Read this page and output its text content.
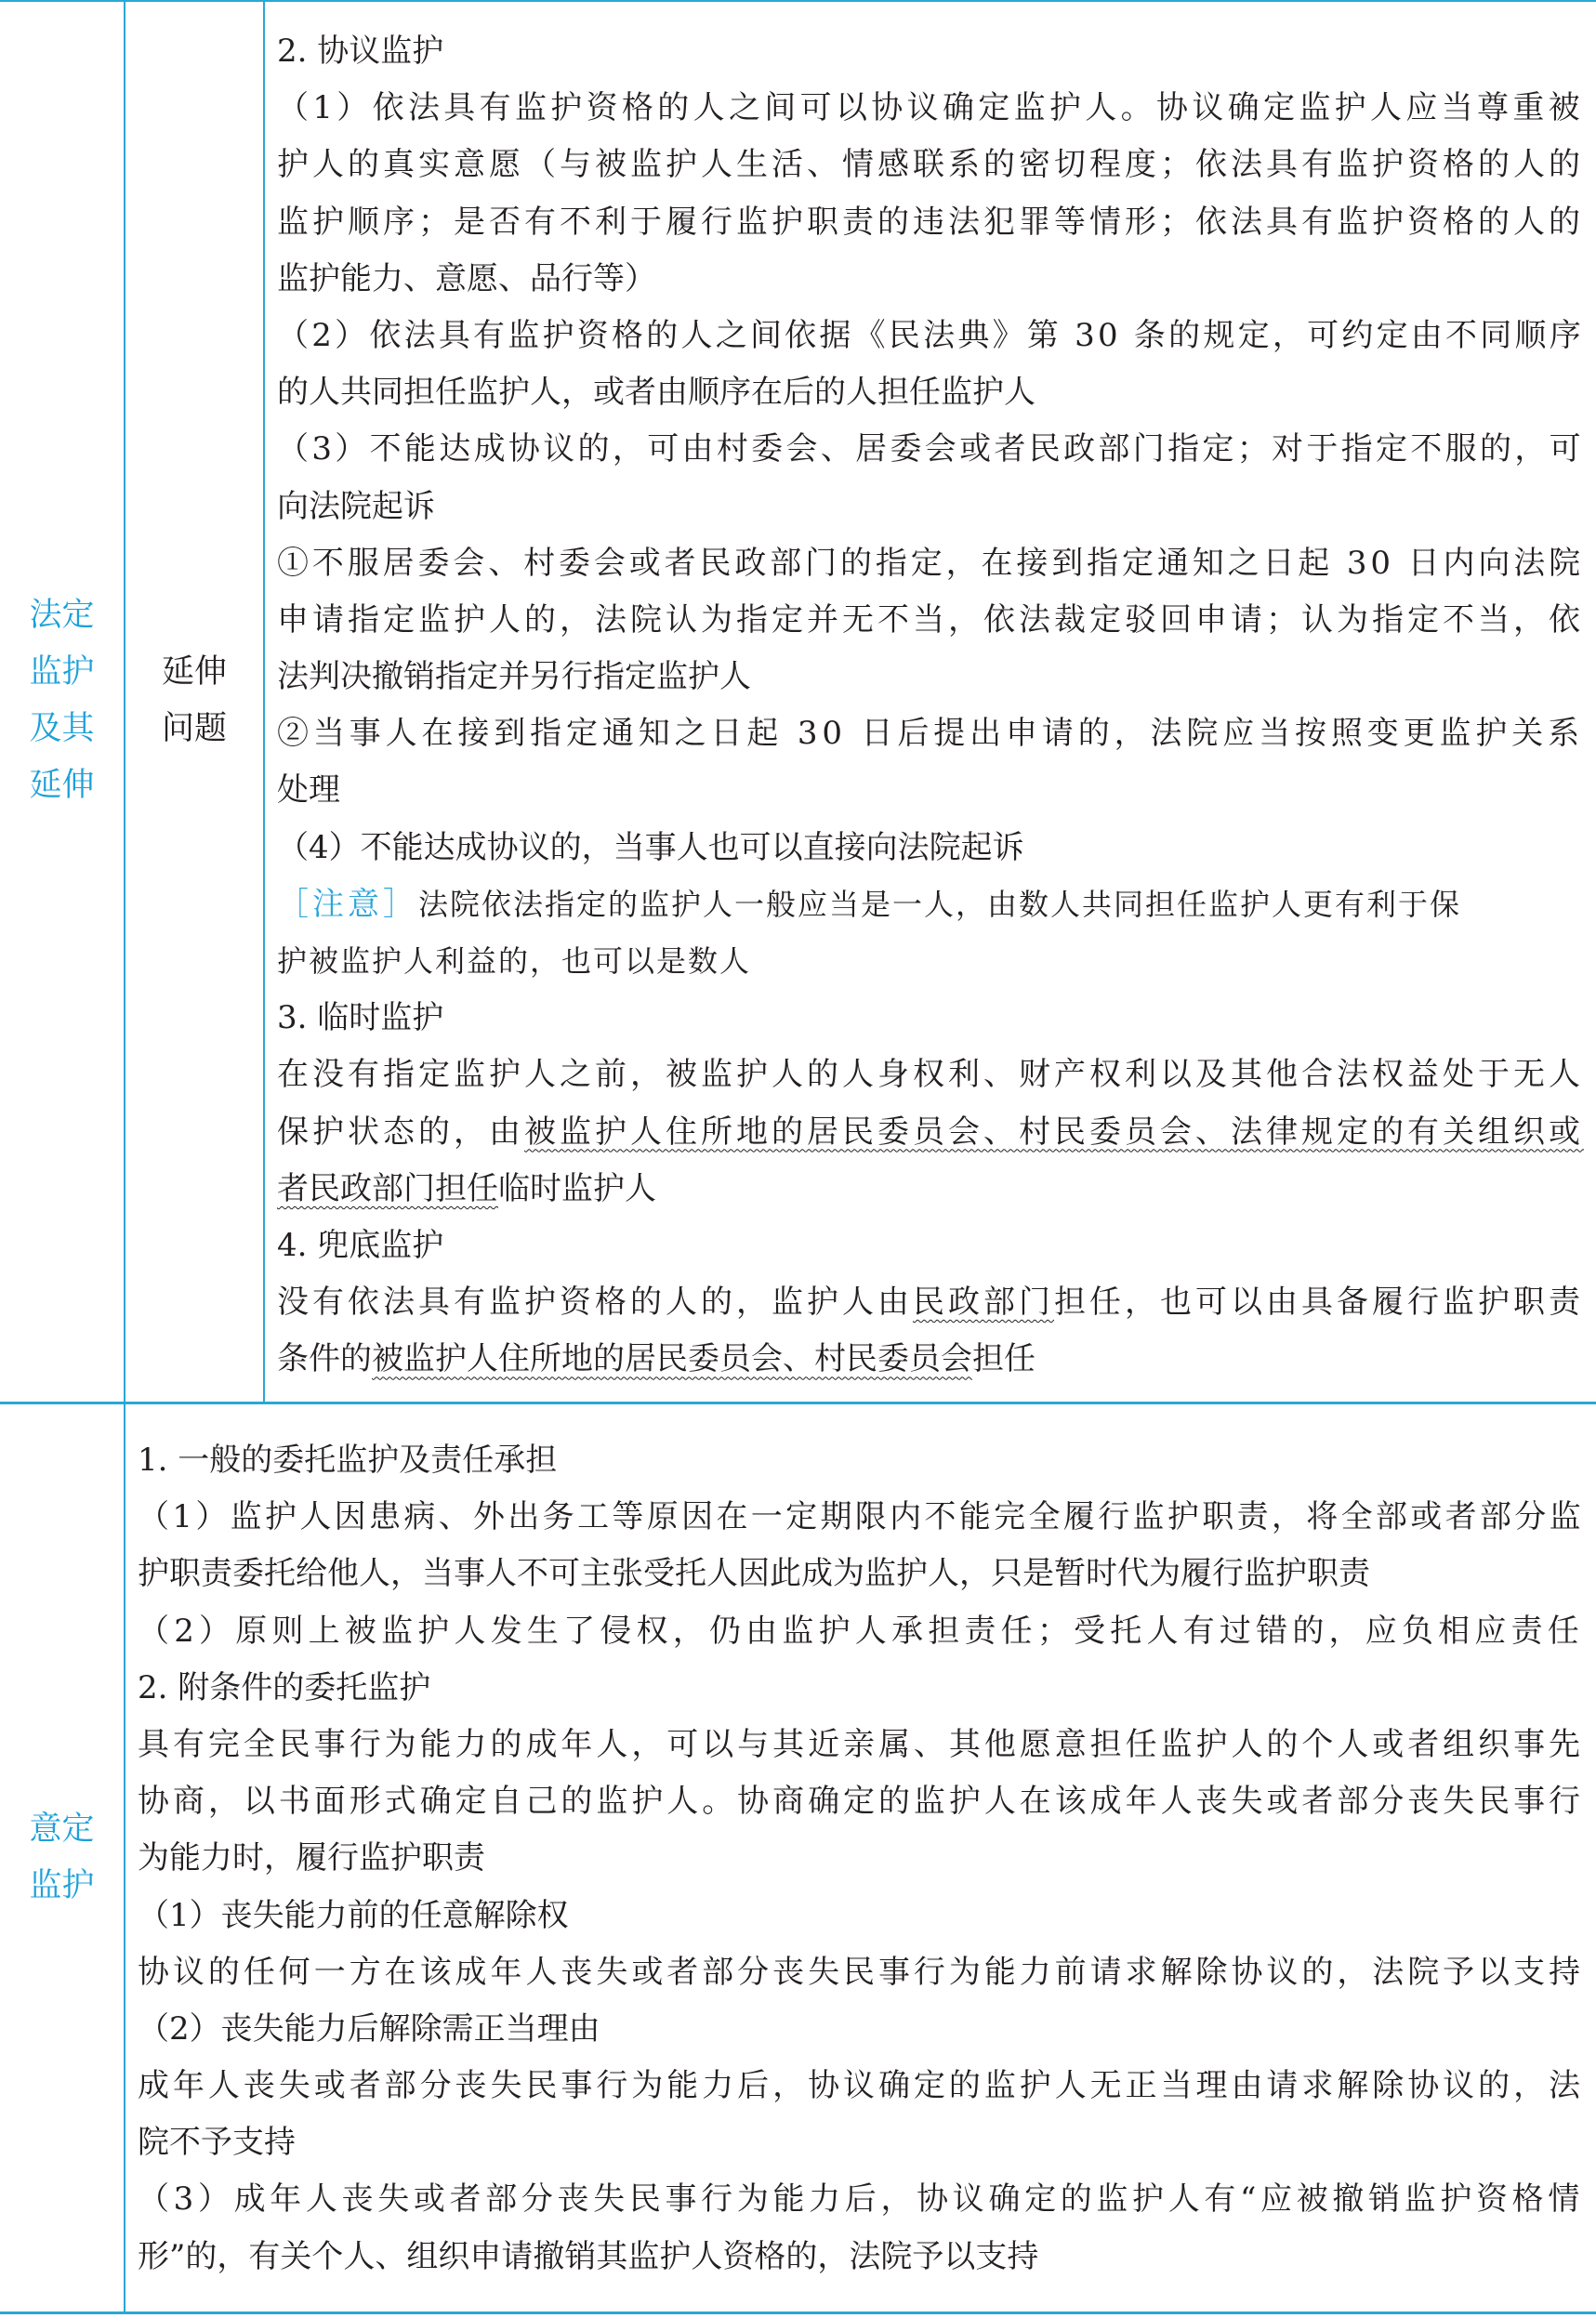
法定
监护
及其
延伸
延伸
问题
2. 协议监护
（1）依法具有监护资格的人之间可以协议确定监护人。协议确定监护人应当尊重被
护人的真实意愿（与被监护人生活、情感联系的密切程度；依法具有监护资格的人的
监护顺序；是否有不利于履行监护职责的违法犯罪等情形；依法具有监护资格的人的
监护能力、意愿、品行等）
（2）依法具有监护资格的人之间依据《民法典》第 30 条的规定，可约定由不同顺序
的人共同担任监护人，或者由顺序在后的人担任监护人
（3）不能达成协议的，可由村委会、居委会或者民政部门指定；对于指定不服的，可
向法院起诉
①不服居委会、村委会或者民政部门的指定，在接到指定通知之日起 30 日内向法院
申请指定监护人的，法院认为指定并无不当，依法裁定驳回申请；认为指定不当，依
法判决撤销指定并另行指定监护人
②当事人在接到指定通知之日起 30 日后提出申请的，法院应当按照变更监护关系
处理
（4）不能达成协议的，当事人也可以直接向法院起诉
［注意］法院依法指定的监护人一般应当是一人，由数人共同担任监护人更有利于保
护被监护人利益的，也可以是数人
3. 临时监护
在没有指定监护人之前，被监护人的人身权利、财产权利以及其他合法权益处于无人
保护状态的，由被监护人住所地的居民委员会、村民委员会、法律规定的有关组织或
者民政部门担任临时监护人
4. 兜底监护
没有依法具有监护资格的人的，监护人由民政部门担任，也可以由具备履行监护职责
条件的被监护人住所地的居民委员会、村民委员会担任
意定
监护
1. 一般的委托监护及责任承担
（1）监护人因患病、外出务工等原因在一定期限内不能完全履行监护职责，将全部或者部分监
护职责委托给他人，当事人不可主张受托人因此成为监护人，只是暂时代为履行监护职责
（2）原则上被监护人发生了侵权，仍由监护人承担责任；受托人有过错的，应负相应责任
2. 附条件的委托监护
具有完全民事行为能力的成年人，可以与其近亲属、其他愿意担任监护人的个人或者组织事先
协商，以书面形式确定自己的监护人。协商确定的监护人在该成年人丧失或者部分丧失民事行
为能力时，履行监护职责
（1）丧失能力前的任意解除权
协议的任何一方在该成年人丧失或者部分丧失民事行为能力前请求解除协议的，法院予以支持
（2）丧失能力后解除需正当理由
成年人丧失或者部分丧失民事行为能力后，协议确定的监护人无正当理由请求解除协议的，法
院不予支持
（3）成年人丧失或者部分丧失民事行为能力后，协议确定的监护人有“应被撤销监护资格情
形”的，有关个人、组织申请撤销其监护人资格的，法院予以支持
